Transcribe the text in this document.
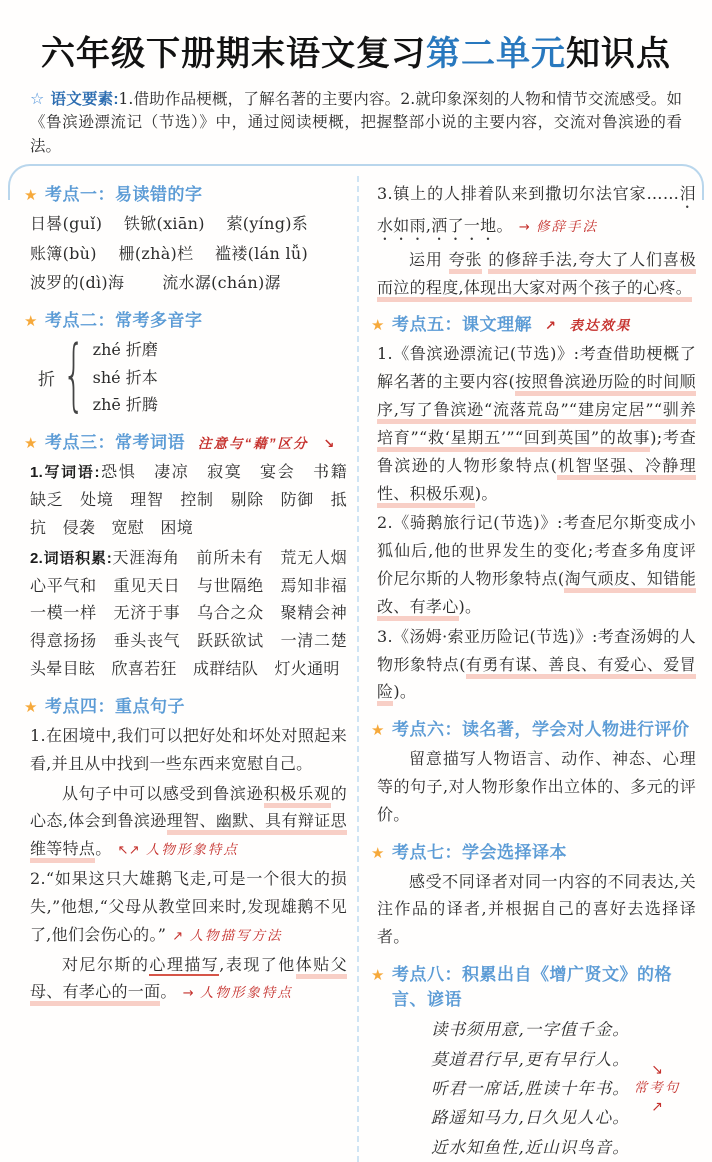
六年级下册期末语文复习第二单元知识点
☆ 语文要素:1.借助作品梗概，了解名著的主要内容。2.就印象深刻的人物和情节交流感受。如《鲁滨逊漂流记（节选）》中，通过阅读梗概，把握整部小说的主要内容，交流对鲁滨逊的看法。
★ 考点一：易读错的字

日晷(guǐ)　 铁锨(xiān)　 萦(yíng)系

账簿(bù)　 栅(zhà)栏　 褴褛(lán lǚ)

波罗的(dì)海　　 流水潺(chán)潺

★ 考点二：常考多音字
折 { zhé 折磨
shé 折本
zhē 折腾
★ 考点三：常考词语 注意与“藉”区分 ↘

1.写词语:恐惧　凄凉　寂寞　宴会　书籍　缺乏　处境　理智　控制　剔除　防御　抵抗　侵袭　宽慰　困境

2.词语积累:天涯海角　前所未有　荒无人烟　心平气和　重见天日　与世隔绝　焉知非福　一模一样　无济于事　乌合之众　聚精会神　得意扬扬　垂头丧气　跃跃欲试　一清二楚　头晕目眩　欣喜若狂　成群结队　灯火通明

★ 考点四：重点句子

1.在困境中,我们可以把好处和坏处对照起来看,并且从中找到一些东西来宽慰自己。

从句子中可以感受到鲁滨逊积极乐观的心态,体会到鲁滨逊理智、幽默、具有辩证思维等特点。 ↖↗ 人物形象特点

2.“如果这只大雄鹅飞走,可是一个很大的损失,”他想,“父母从教堂回来时,发现雄鹅不见了,他们会伤心的。” ↗ 人物描写方法

对尼尔斯的心理描写,表现了他体贴父母、有孝心的一面。 → 人物形象特点

3.镇上的人排着队来到撒切尔法官家……泪水如雨,洒了一地。 → 修辞手法

运用 夸张 的修辞手法,夸大了人们喜极而泣的程度,体现出大家对两个孩子的心疼。

★ 考点五：课文理解 ↗ 表达效果

1.《鲁滨逊漂流记(节选)》:考查借助梗概了解名著的主要内容(按照鲁滨逊历险的时间顺序,写了鲁滨逊“流落荒岛”“建房定居”“驯养培育”“救‘星期五’”“回到英国”的故事);考查鲁滨逊的人物形象特点(机智坚强、冷静理性、积极乐观)。

2.《骑鹅旅行记(节选)》:考查尼尔斯变成小狐仙后,他的世界发生的变化;考查多角度评价尼尔斯的人物形象特点(淘气顽皮、知错能改、有孝心)。

3.《汤姆·索亚历险记(节选)》:考查汤姆的人物形象特点(有勇有谋、善良、有爱心、爱冒险)。

★ 考点六：读名著，学会对人物进行评价

留意描写人物语言、动作、神态、心理等的句子,对人物形象作出立体的、多元的评价。

★ 考点七：学会选择译本

感受不同译者对同一内容的不同表达,关注作品的译者,并根据自己的喜好去选择译者。

★ 考点八：积累出自《增广贤文》的格言、谚语
读书须用意,一字值千金。
莫道君行早,更有早行人。
听君一席话,胜读十年书。
路遥知马力,日久见人心。
近水知鱼性,近山识鸟音。
↘
常考句
↗
